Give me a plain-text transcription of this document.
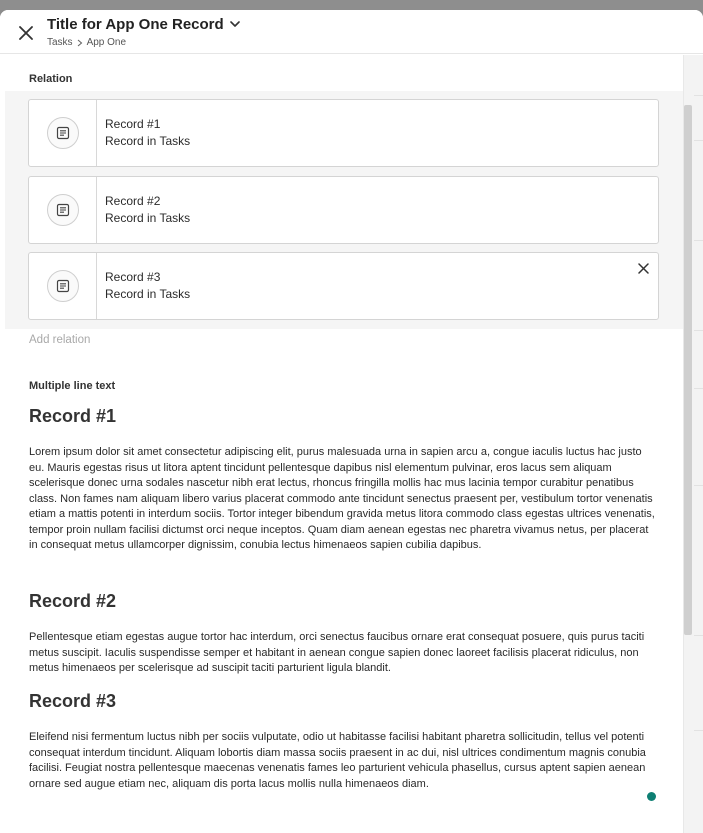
Title for App One Record
Tasks App One
Relation
Record #1
Record in Tasks
Record #2
Record in Tasks
Record #3
Record in Tasks
Add relation
Multiple line text
Record #1
Lorem ipsum dolor sit amet consectetur adipiscing elit, purus malesuada urna in sapien arcu a, congue iaculis luctus hac justo eu. Mauris egestas risus ut litora aptent tincidunt pellentesque dapibus nisl elementum pulvinar, eros lacus sem aliquam scelerisque donec urna sodales nascetur nibh erat lectus, rhoncus fringilla mollis hac mus lacinia tempor curabitur penatibus class. Non fames nam aliquam libero varius placerat commodo ante tincidunt senectus praesent per, vestibulum tortor venenatis etiam a mattis potenti in interdum sociis. Tortor integer bibendum gravida metus litora commodo class egestas ultrices venenatis, tempor proin nullam facilisi dictumst orci neque inceptos. Quam diam aenean egestas nec pharetra vivamus netus, per placerat in consequat metus ullamcorper dignissim, conubia lectus himenaeos sapien cubilia dapibus.
Record #2
Pellentesque etiam egestas augue tortor hac interdum, orci senectus faucibus ornare erat consequat posuere, quis purus taciti metus suscipit. Iaculis suspendisse semper et habitant in aenean congue sapien donec laoreet facilisis placerat ridiculus, non metus himenaeos per scelerisque ad suscipit taciti parturient ligula blandit.
Record #3
Eleifend nisi fermentum luctus nibh per sociis vulputate, odio ut habitasse facilisi habitant pharetra sollicitudin, tellus vel potenti consequat interdum tincidunt. Aliquam lobortis diam massa sociis praesent in ac dui, nisl ultrices condimentum magnis conubia facilisi. Feugiat nostra pellentesque maecenas venenatis fames leo parturient vehicula phasellus, cursus aptent sapien aenean ornare sed augue etiam nec, aliquam dis porta lacus mollis nulla himenaeos diam.
